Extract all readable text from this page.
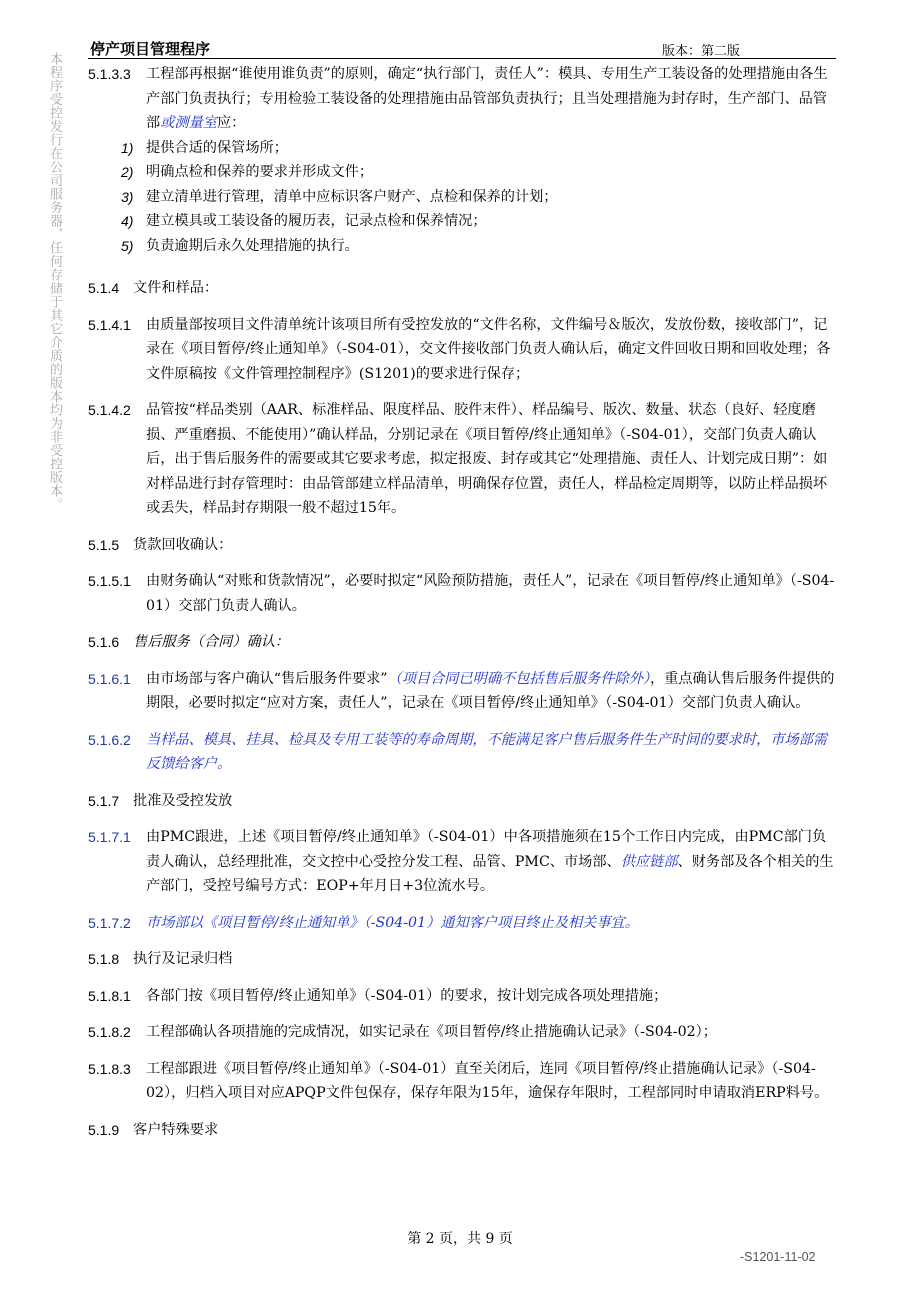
本程序受控发行在公司服务器，任何存储于其它介质的版本均为非受控版本。
停产项目管理程序	版本：第二版
5.1.3.3 工程部再根据“谁使用谁负责”的原则，确定“执行部门，责任人”：模具、专用生产工装设备的处理措施由各生产部门负责执行；专用检验工装设备的处理措施由品管部负责执行；且当处理措施为封存时，生产部门、品管部或测量室应：
1) 提供合适的保管场所；
2) 明确点检和保养的要求并形成文件；
3) 建立清单进行管理，清单中应标识客户财产、点检和保养的计划；
4) 建立模具或工装设备的履历表，记录点检和保养情况；
5) 负责逾期后永久处理措施的执行。
5.1.4 文件和样品：
5.1.4.1 由质量部按项目文件清单统计该项目所有受控发放的“文件名称，文件编号＆版次，发放份数，接收部门”，记录在《项目暂停/终止通知单》（-S04-01），交文件接收部门负责人确认后，确定文件回收日期和回收处理；各文件原稿按《文件管理控制程序》(S1201)的要求进行保存；
5.1.4.2 品管按“样品类别（AAR、标准样品、限度样品、胶件末件）、样品编号、版次、数量、状态（良好、轻度磨损、严重磨损、不能使用）”确认样品，分别记录在《项目暂停/终止通知单》（-S04-01），交部门负责人确认后，出于售后服务件的需要或其它要求考虑，拟定报废、封存或其它“处理措施、责任人、计划完成日期”：如对样品进行封存管理时：由品管部建立样品清单，明确保存位置，责任人，样品检定周期等，以防止样品损坏或丢失，样品封存期限一般不超过15年。
5.1.5 货款回收确认：
5.1.5.1 由财务确认“对账和货款情况”，必要时拟定“风险预防措施，责任人”，记录在《项目暂停/终止通知单》（-S04-01）交部门负责人确认。
5.1.6 售后服务（合同）确认：
5.1.6.1 由市场部与客户确认“售后服务件要求”（项目合同已明确不包括售后服务件除外），重点确认售后服务件提供的期限，必要时拟定“应对方案，责任人”，记录在《项目暂停/终止通知单》（-S04-01）交部门负责人确认。
5.1.6.2 当样品、模具、挂具、检具及专用工装等的寿命周期，不能满足客户售后服务件生产时间的要求时，市场部需反馈给客户。
5.1.7 批准及受控发放
5.1.7.1 由PMC跟进，上述《项目暂停/终止通知单》（-S04-01）中各项措施须在15个工作日内完成，由PMC部门负责人确认，总经理批准，交文控中心受控分发工程、品管、PMC、市场部、供应链部、财务部及各个相关的生产部门，受控号编号方式：EOP+年月日+3位流水号。
5.1.7.2 市场部以《项目暂停/终止通知单》（-S04-01）通知客户项目终止及相关事宜。
5.1.8 执行及记录归档
5.1.8.1 各部门按《项目暂停/终止通知单》（-S04-01）的要求，按计划完成各项处理措施；
5.1.8.2 工程部确认各项措施的完成情况，如实记录在《项目暂停/终止措施确认记录》（-S04-02）；
5.1.8.3 工程部跟进《项目暂停/终止通知单》（-S04-01）直至关闭后，连同《项目暂停/终止措施确认记录》（-S04-02），归档入项目对应APQP文件包保存，保存年限为15年，逾保存年限时，工程部同时申请取消ERP料号。
5.1.9 客户特殊要求
第 2 页，共 9 页
-S1201-11-02
